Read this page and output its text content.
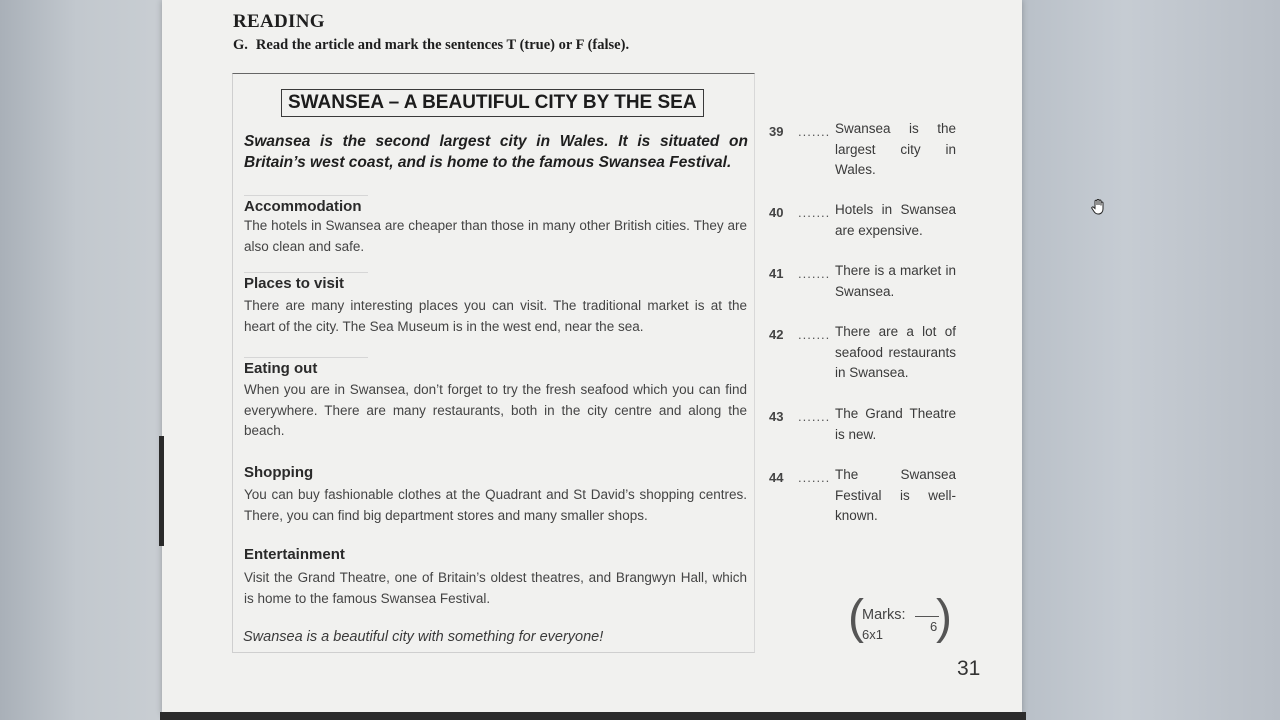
READING
G. Read the article and mark the sentences T (true) or F (false).
SWANSEA – A BEAUTIFUL CITY BY THE SEA
Swansea is the second largest city in Wales. It is situated on Britain’s west coast, and is home to the famous Swansea Festival.
Accommodation
The hotels in Swansea are cheaper than those in many other British cities. They are also clean and safe.
Places to visit
There are many interesting places you can visit. The traditional market is at the heart of the city. The Sea Museum is in the west end, near the sea.
Eating out
When you are in Swansea, don’t forget to try the fresh seafood which you can find everywhere. There are many restaurants, both in the city centre and along the beach.
Shopping
You can buy fashionable clothes at the Quadrant and St David’s shopping centres. There, you can find big department stores and many smaller shops.
Entertainment
Visit the Grand Theatre, one of Britain’s oldest theatres, and Brangwyn Hall, which is home to the famous Swansea Festival.
Swansea is a beautiful city with something for everyone!
39 ....... Swansea is the largest city in Wales.
40 ....... Hotels in Swansea are expensive.
41 ....... There is a market in Swansea.
42 ....... There are a lot of seafood restaurants in Swansea.
43 ....... The Grand Theatre is new.
44 ....... The Swansea Festival is well-known.
(
Marks:
6
6x1 )
31
